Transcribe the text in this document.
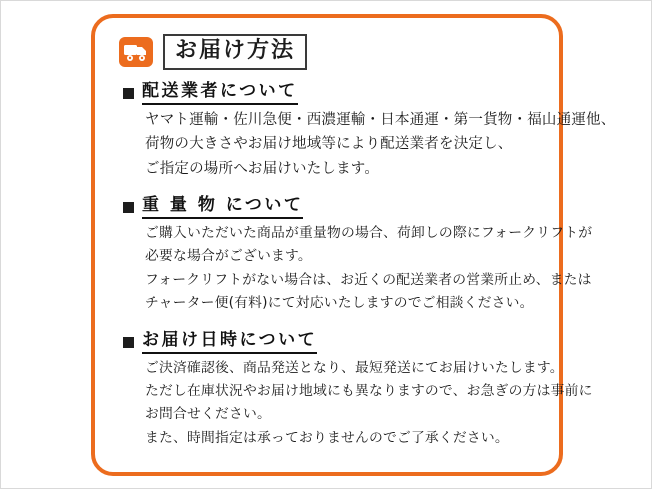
お届け方法
配送業者について

ヤマト運輸・佐川急便・西濃運輸・日本通運・第一貨物・福山通運他、

荷物の大きさやお届け地域等により配送業者を決定し、

ご指定の場所へお届けいたします。

重 量 物 について

ご購入いただいた商品が重量物の場合、荷卸しの際にフォークリフトが

必要な場合がございます。

フォークリフトがない場合は、お近くの配送業者の営業所止め、または

チャーター便(有料)にて対応いたしますのでご相談ください。

お届け日時について

ご決済確認後、商品発送となり、最短発送にてお届けいたします。

ただし在庫状況やお届け地域にも異なりますので、お急ぎの方は事前に

お問合せください。

また、時間指定は承っておりませんのでご了承ください。
